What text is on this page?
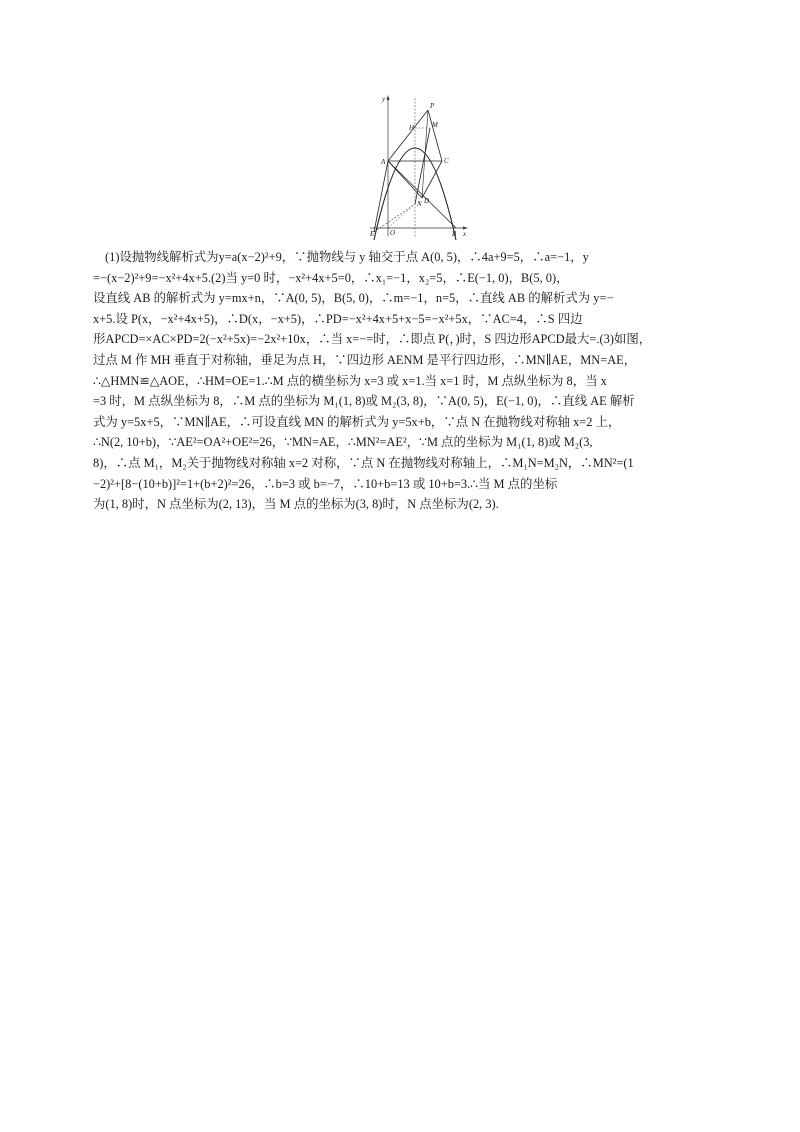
y
P
H	M
A	C
D
N
E O	B x
(1)设抛物线解析式为y=a(x−2)²+9，∵抛物线与 y 轴交于点 A(0, 5)，∴4a+9=5，∴a=−1，y
=−(x−2)²+9=−x²+4x+5.(2)当 y=0 时，−x²+4x+5=0，∴x₁=−1，x₂=5，∴E(−1, 0)，B(5, 0)，
设直线 AB 的解析式为 y=mx+n，∵A(0, 5)，B(5, 0)，∴m=−1，n=5，∴直线 AB 的解析式为 y=−
x+5.设 P(x，−x²+4x+5)，∴D(x，−x+5)，∴PD=−x²+4x+5+x−5=−x²+5x，∵AC=4，∴S 四边
形APCD=×AC×PD=2(−x²+5x)=−2x²+10x，∴当 x=−=时，∴即点 P(，)时，S 四边形APCD最大=.(3)如图，
过点 M 作 MH 垂直于对称轴，垂足为点 H，∵四边形 AENM 是平行四边形，∴MN∥AE，MN=AE，
∴△HMN≌△AOE，∴HM=OE=1.∴M 点的横坐标为 x=3 或 x=1.当 x=1 时，M 点纵坐标为 8，当 x
=3 时，M 点纵坐标为 8，∴M 点的坐标为 M₁(1, 8)或 M₂(3, 8)，∵A(0, 5)，E(−1, 0)，∴直线 AE 解析
式为 y=5x+5，∵MN∥AE，∴可设直线 MN 的解析式为 y=5x+b，∵点 N 在抛物线对称轴 x=2 上，
∴N(2, 10+b)，∵AE²=OA²+OE²=26，∵MN=AE，∴MN²=AE²，∵M 点的坐标为 M₁(1, 8)或 M₂(3,
8)，∴点 M₁，M₂关于抛物线对称轴 x=2 对称，∵点 N 在抛物线对称轴上，∴M₁N=M₂N，∴MN²=(1
−2)²+[8−(10+b)]²=1+(b+2)²=26，∴b=3 或 b=−7，∴10+b=13 或 10+b=3.∴当 M 点的坐标
为(1, 8)时，N 点坐标为(2, 13)，当 M 点的坐标为(3, 8)时，N 点坐标为(2, 3).
